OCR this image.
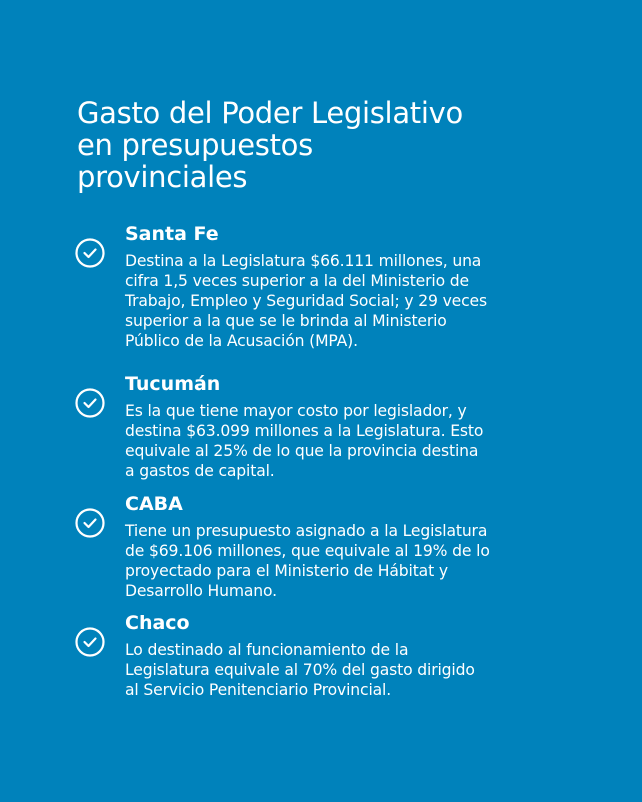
Gasto del Poder Legislativo
en presupuestos
provinciales
Santa Fe

Destina a la Legislatura $66.111 millones, una
cifra 1,5 veces superior a la del Ministerio de
Trabajo, Empleo y Seguridad Social; y 29 veces
superior a la que se le brinda al Ministerio
Público de la Acusación (MPA).

Tucumán

Es la que tiene mayor costo por legislador, y
destina $63.099 millones a la Legislatura. Esto
equivale al 25% de lo que la provincia destina
a gastos de capital.

CABA

Tiene un presupuesto asignado a la Legislatura
de $69.106 millones, que equivale al 19% de lo
proyectado para el Ministerio de Hábitat y
Desarrollo Humano.

Chaco

Lo destinado al funcionamiento de la
Legislatura equivale al 70% del gasto dirigido
al Servicio Penitenciario Provincial.
